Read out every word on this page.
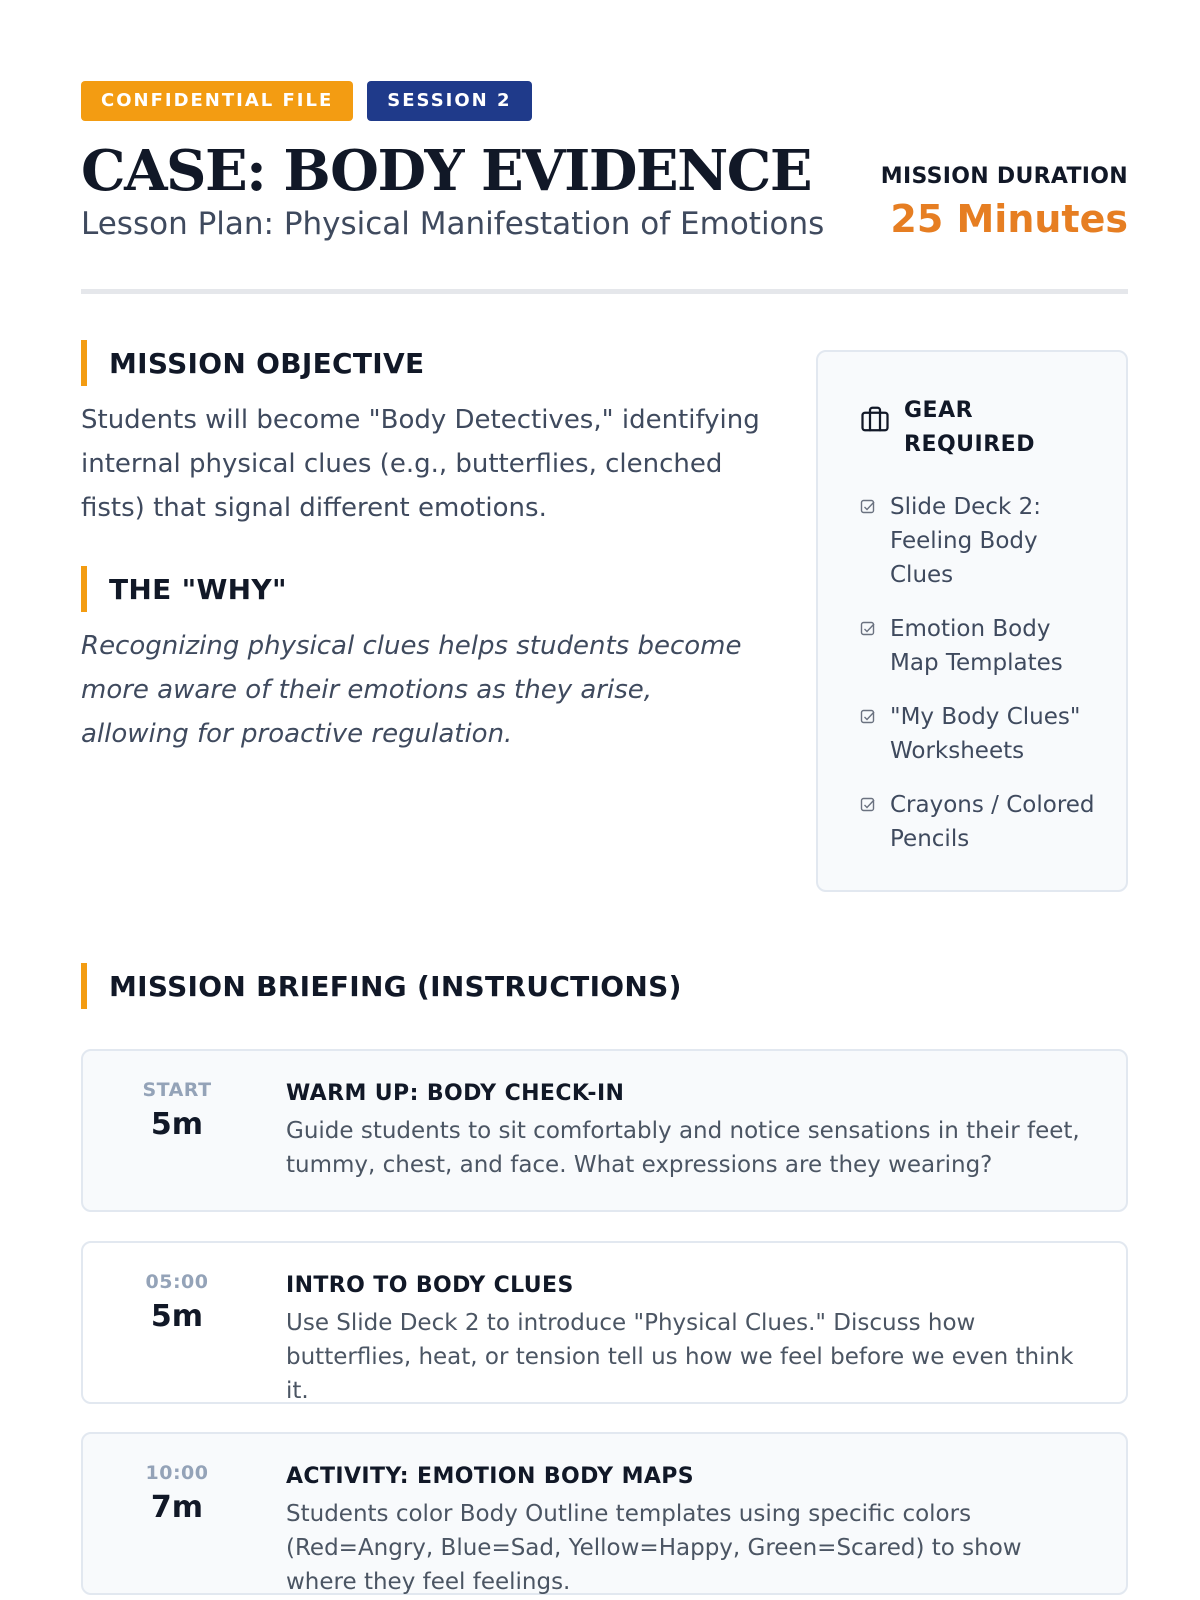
CONFIDENTIAL FILE	SESSION 2
CASE: BODY EVIDENCE
Lesson Plan: Physical Manifestation of Emotions
MISSION DURATION
25 Minutes
MISSION OBJECTIVE
Students will become "Body Detectives," identifying internal physical clues (e.g., butterflies, clenched fists) that signal different emotions.
THE "WHY"
Recognizing physical clues helps students become more aware of their emotions as they arise, allowing for proactive regulation.
GEAR REQUIRED
Slide Deck 2: Feeling Body Clues
Emotion Body Map Templates
"My Body Clues" Worksheets
Crayons / Colored Pencils
MISSION BRIEFING (INSTRUCTIONS)
START
5m
WARM UP: BODY CHECK-IN
Guide students to sit comfortably and notice sensations in their feet, tummy, chest, and face. What expressions are they wearing?
05:00
5m
INTRO TO BODY CLUES
Use Slide Deck 2 to introduce "Physical Clues." Discuss how butterflies, heat, or tension tell us how we feel before we even think it.
10:00
7m
ACTIVITY: EMOTION BODY MAPS
Students color Body Outline templates using specific colors (Red=Angry, Blue=Sad, Yellow=Happy, Green=Scared) to show where they feel feelings.
